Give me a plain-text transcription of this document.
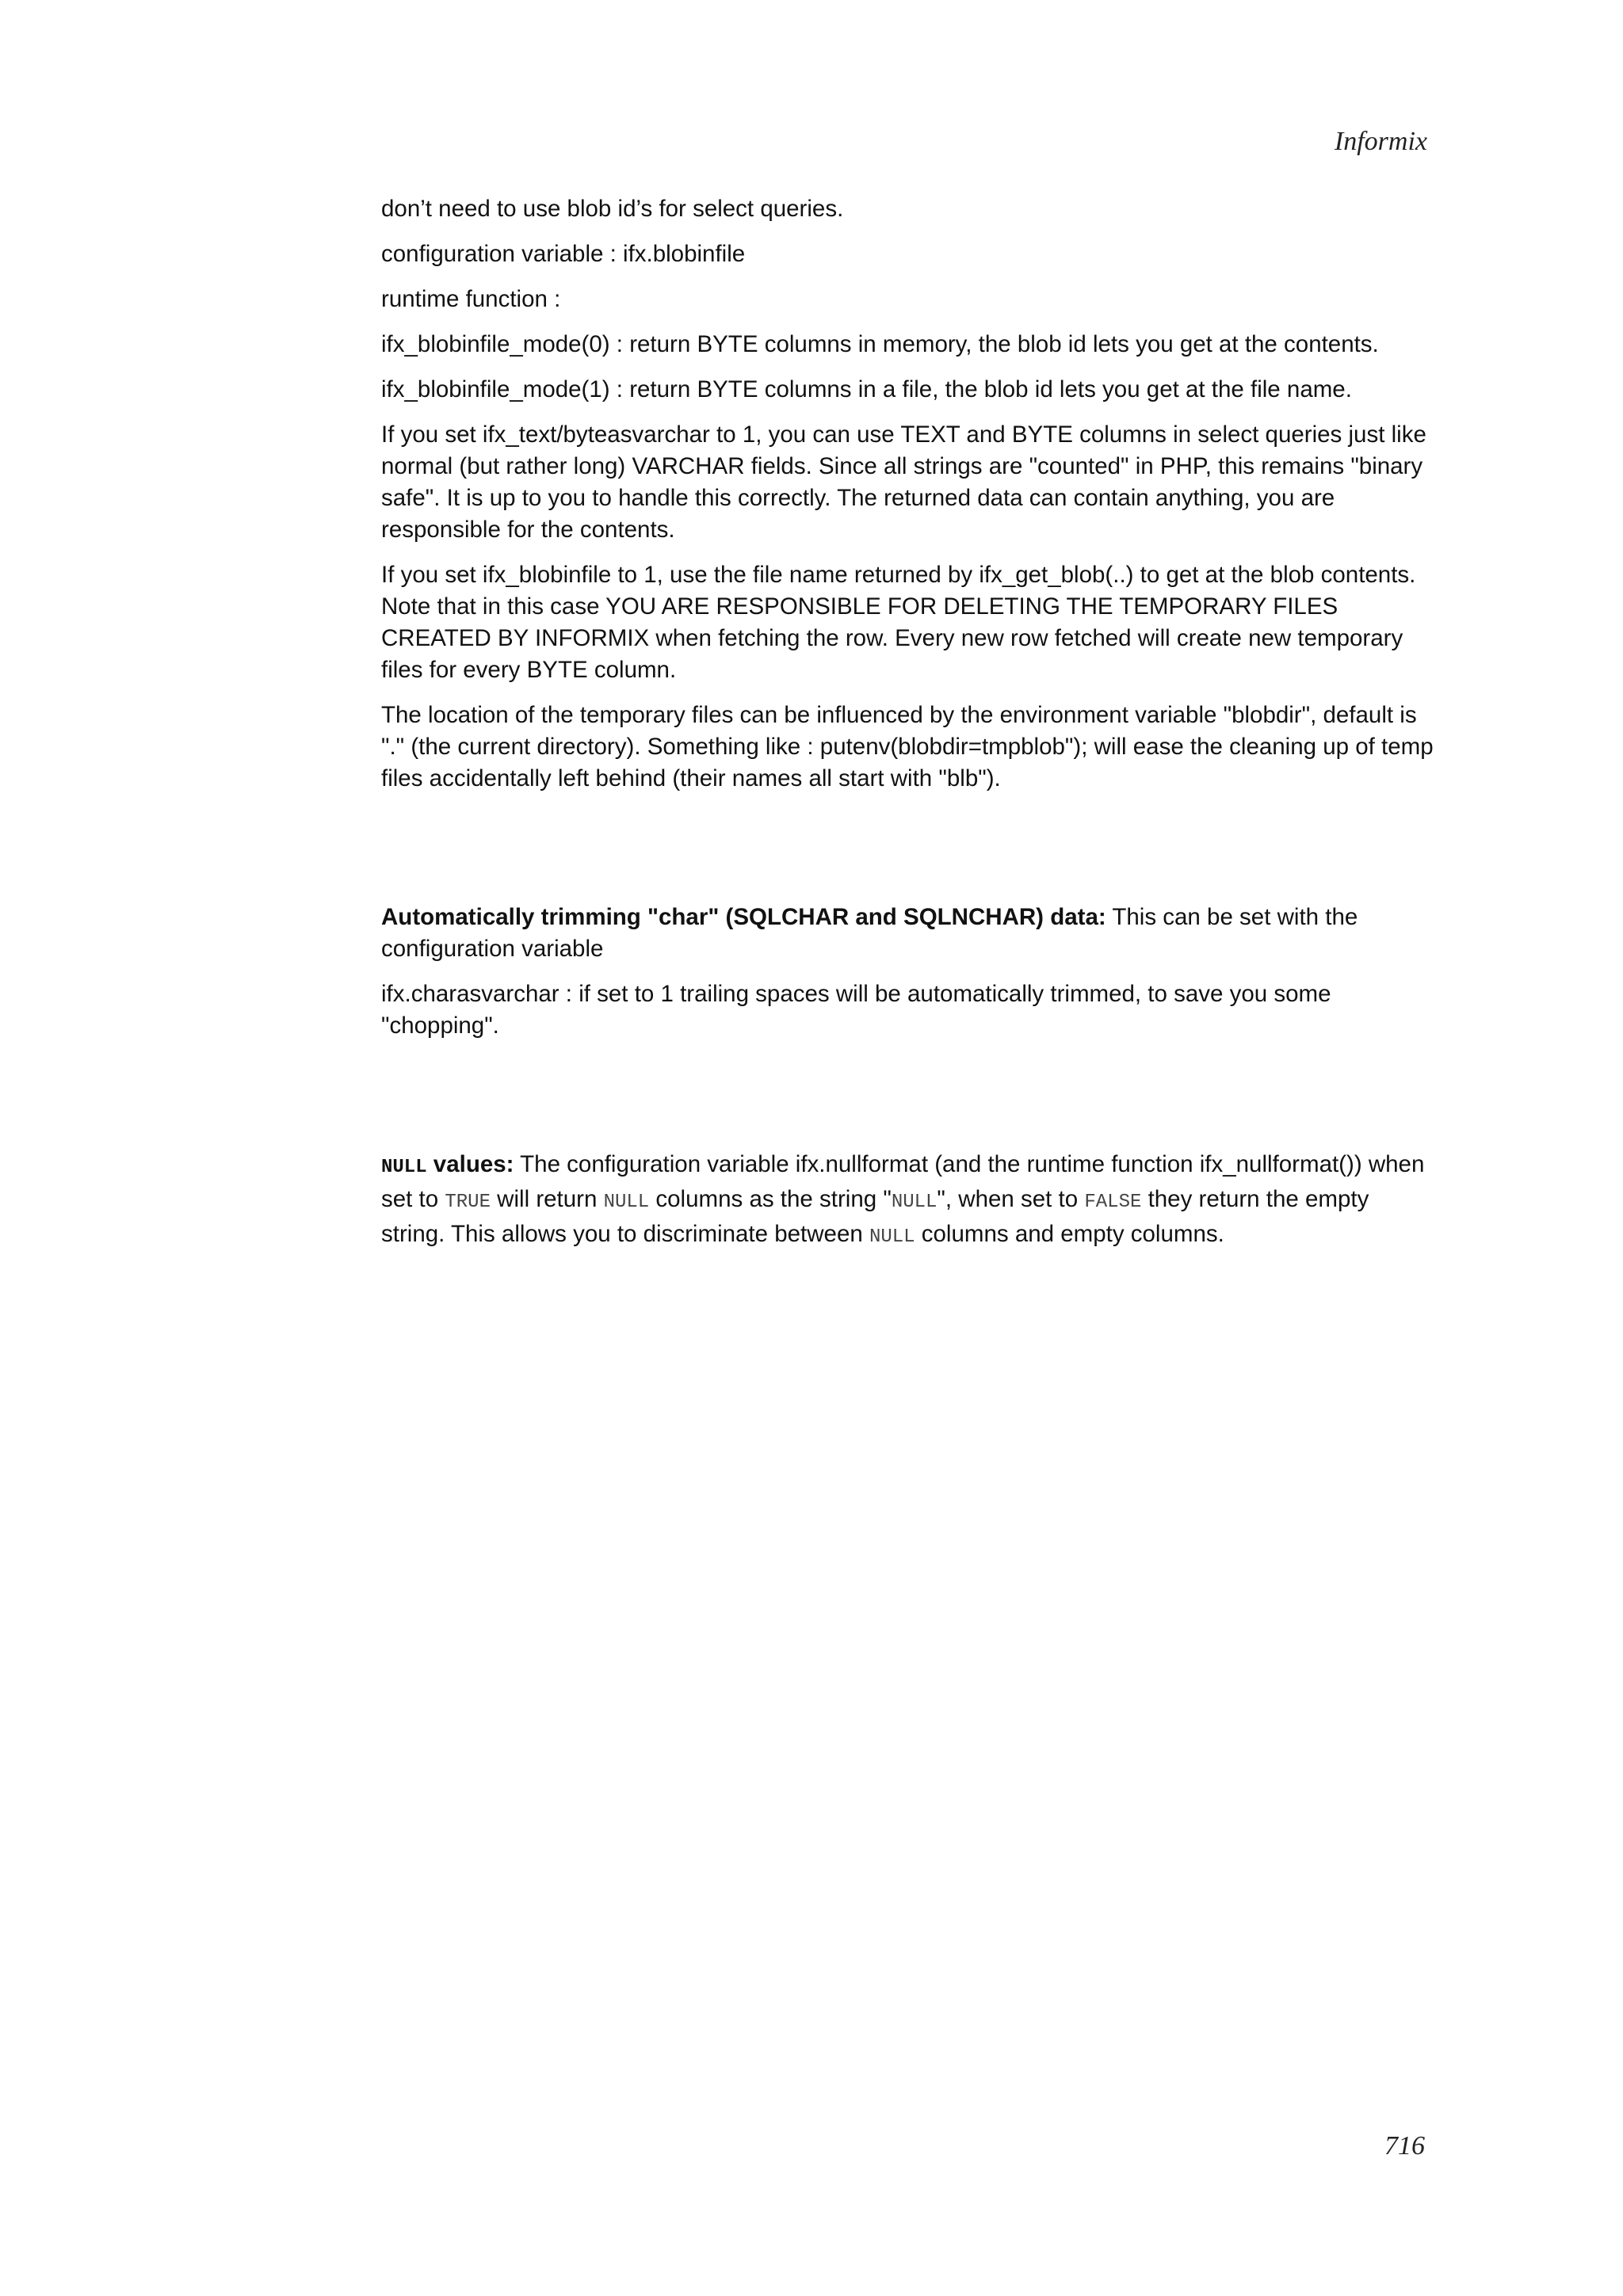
Informix

don’t need to use blob id’s for select queries.

configuration variable : ifx.blobinfile

runtime function :

ifx_blobinfile_mode(0) : return BYTE columns in memory, the blob id lets you get at the contents.

ifx_blobinfile_mode(1) : return BYTE columns in a file, the blob id lets you get at the file name.

If you set ifx_text/byteasvarchar to 1, you can use TEXT and BYTE columns in select queries just like normal (but rather long) VARCHAR fields. Since all strings are "counted" in PHP, this remains "binary safe". It is up to you to handle this correctly. The returned data can contain anything, you are responsible for the contents.

If you set ifx_blobinfile to 1, use the file name returned by ifx_get_blob(..) to get at the blob contents. Note that in this case YOU ARE RESPONSIBLE FOR DELETING THE TEMPORARY FILES CREATED BY INFORMIX when fetching the row. Every new row fetched will create new temporary files for every BYTE column.

The location of the temporary files can be influenced by the environment variable "blobdir", default is "." (the current directory). Something like : putenv(blobdir=tmpblob"); will ease the cleaning up of temp files accidentally left behind (their names all start with "blb").

Automatically trimming "char" (SQLCHAR and SQLNCHAR) data: This can be set with the configuration variable

ifx.charasvarchar : if set to 1 trailing spaces will be automatically trimmed, to save you some "chopping".

NULL values: The configuration variable ifx.nullformat (and the runtime function ifx_nullformat()) when set to TRUE will return NULL columns as the string "NULL", when set to FALSE they return the empty string. This allows you to discriminate between NULL columns and empty columns.

716
